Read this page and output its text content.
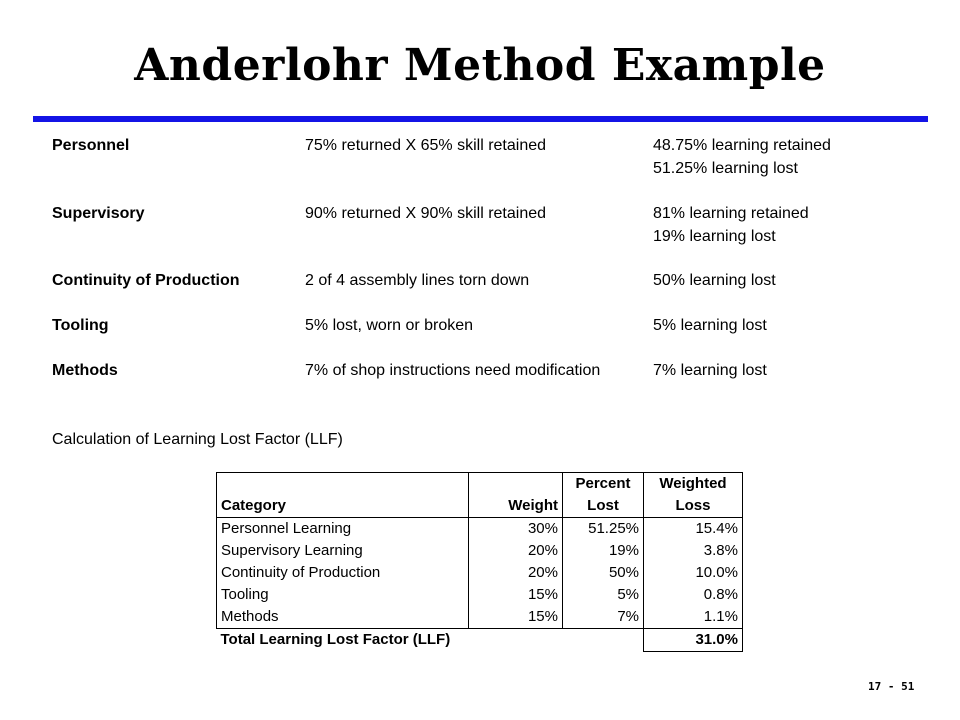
Anderlohr Method Example
Personnel	75% returned X 65% skill retained	48.75% learning retained
51.25% learning lost
Supervisory	90% returned X 90% skill retained	81% learning retained
19% learning lost
Continuity of Production	2 of 4 assembly lines torn down	50% learning lost
Tooling	5% lost, worn or broken	5% learning lost
Methods	7% of shop instructions need modification	7% learning lost
Calculation of Learning Lost Factor (LLF)
		Percent	Weighted
Category	Weight	Lost	Loss
Personnel Learning	30%	51.25%	15.4%
Supervisory Learning	20%	19%	3.8%
Continuity of Production	20%	50%	10.0%
Tooling	15%	5%	0.8%
Methods	15%	7%	1.1%
Total Learning Lost Factor (LLF)			31.0%
17 - 51
